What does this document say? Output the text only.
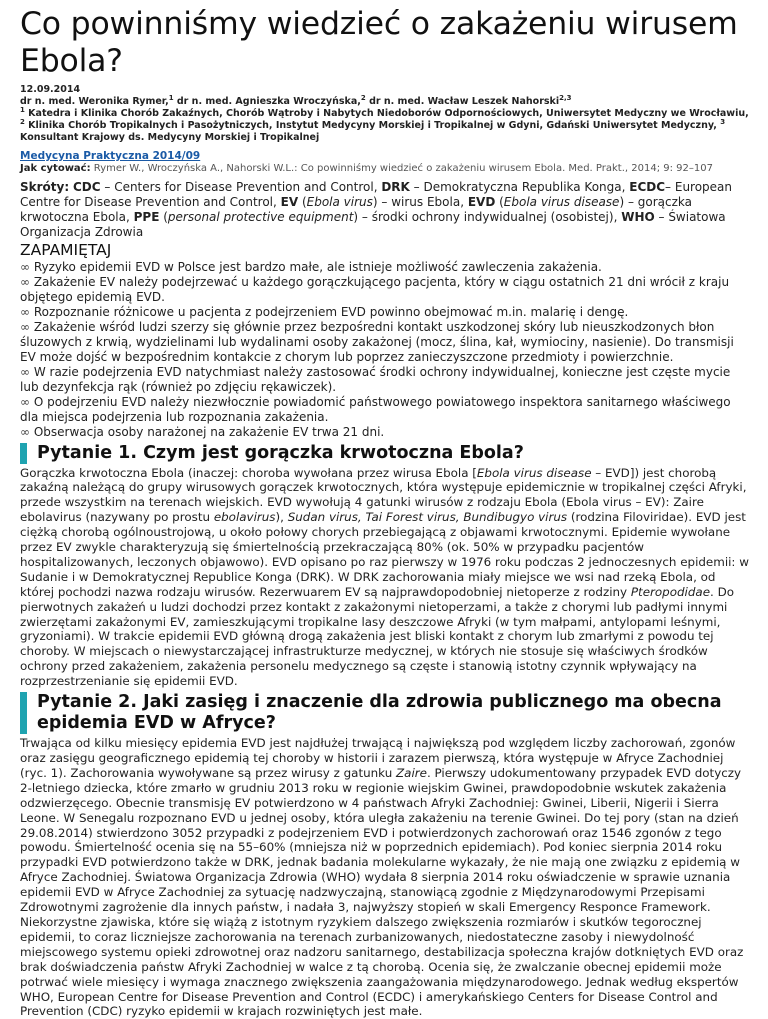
Co powinniśmy wiedzieć o zakażeniu wirusem Ebola?
12.09.2014
dr n. med. Weronika Rymer,$^1$ dr n. med. Agnieszka Wroczyńska,$^2$ dr n. med. Wacław Leszek Nahorski$^{2,3}$
$^1$ Katedra i Klinika Chorób Zakaźnych, Chorób Wątroby i Nabytych Niedoborów Odpornościowych, Uniwersytet Medyczny we Wrocławiu, $^2$ Klinika Chorób Tropikalnych i Pasożytniczych, Instytut Medycyny Morskiej i Tropikalnej w Gdyni, Gdański Uniwersytet Medyczny, $^3$ Konsultant Krajowy ds. Medycyny Morskiej i Tropikalnej
Medycyna Praktyczna 2014/09
Jak cytować: Rymer W., Wroczyńska A., Nahorski W.L.: Co powinniśmy wiedzieć o zakażeniu wirusem Ebola. Med. Prakt., 2014; 9: 92–107
Skróty: CDC – Centers for Disease Prevention and Control, DRK – Demokratyczna Republika Konga, ECDC– European Centre for Disease Prevention and Control, EV (Ebola virus) – wirus Ebola, EVD (Ebola virus disease) – gorączka krwotoczna Ebola, PPE (personal protective equipment) – środki ochrony indywidualnej (osobistej), WHO – Światowa Organizacja Zdrowia
ZAPAMIĘTAJ
∞ Ryzyko epidemii EVD w Polsce jest bardzo małe, ale istnieje możliwość zawleczenia zakażenia.
∞ Zakażenie EV należy podejrzewać u każdego gorączkującego pacjenta, który w ciągu ostatnich 21 dni wrócił z kraju objętego epidemią EVD.
∞ Rozpoznanie różnicowe u pacjenta z podejrzeniem EVD powinno obejmować m.in. malarię i dengę.
∞ Zakażenie wśród ludzi szerzy się głównie przez bezpośredni kontakt uszkodzonej skóry lub nieuszkodzonych błon śluzowych z krwią, wydzielinami lub wydalinami osoby zakażonej (mocz, ślina, kał, wymiociny, nasienie). Do transmisji EV może dojść w bezpośrednim kontakcie z chorym lub poprzez zanieczyszczone przedmioty i powierzchnie.
∞ W razie podejrzenia EVD natychmiast należy zastosować środki ochrony indywidualnej, konieczne jest częste mycie lub dezynfekcja rąk (również po zdjęciu rękawiczek).
∞ O podejrzeniu EVD należy niezwłocznie powiadomić państwowego powiatowego inspektora sanitarnego właściwego dla miejsca podejrzenia lub rozpoznania zakażenia.
∞ Obserwacja osoby narażonej na zakażenie EV trwa 21 dni.
Pytanie 1. Czym jest gorączka krwotoczna Ebola?

Gorączka krwotoczna Ebola (inaczej: choroba wywołana przez wirusa Ebola [Ebola virus disease – EVD]) jest chorobą zakaźną należącą do grupy wirusowych gorączek krwotocznych, która występuje epidemicznie w tropikalnej części Afryki, przede wszystkim na terenach wiejskich. EVD wywołują 4 gatunki wirusów z rodzaju Ebola (Ebola virus – EV): Zaire ebolavirus (nazywany po prostu ebolavirus), Sudan virus, Tai Forest virus, Bundibugyo virus (rodzina Filoviridae). EVD jest ciężką chorobą ogólnoustrojową, u około połowy chorych przebiegającą z objawami krwotocznymi. Epidemie wywołane przez EV zwykle charakteryzują się śmiertelnością przekraczającą 80% (ok. 50% w przypadku pacjentów hospitalizowanych, leczonych objawowo). EVD opisano po raz pierwszy w 1976 roku podczas 2 jednoczesnych epidemii: w Sudanie i w Demokratycznej Republice Konga (DRK). W DRK zachorowania miały miejsce we wsi nad rzeką Ebola, od której pochodzi nazwa rodzaju wirusów. Rezerwuarem EV są najprawdopodobniej nietoperze z rodziny Pteropodidae. Do pierwotnych zakażeń u ludzi dochodzi przez kontakt z zakażonymi nietoperzami, a także z chorymi lub padłymi innymi zwierzętami zakażonymi EV, zamieszkującymi tropikalne lasy deszczowe Afryki (w tym małpami, antylopami leśnymi, gryzoniami). W trakcie epidemii EVD główną drogą zakażenia jest bliski kontakt z chorym lub zmarłymi z powodu tej choroby. W miejscach o niewystarczającej infrastrukturze medycznej, w których nie stosuje się właściwych środków ochrony przed zakażeniem, zakażenia personelu medycznego są częste i stanowią istotny czynnik wpływający na rozprzestrzenianie się epidemii EVD.

Pytanie 2. Jaki zasięg i znaczenie dla zdrowia publicznego ma obecna epidemia EVD w Afryce?

Trwająca od kilku miesięcy epidemia EVD jest najdłużej trwającą i największą pod względem liczby zachorowań, zgonów oraz zasięgu geograficznego epidemią tej choroby w historii i zarazem pierwszą, która występuje w Afryce Zachodniej (ryc. 1). Zachorowania wywoływane są przez wirusy z gatunku Zaire. Pierwszy udokumentowany przypadek EVD dotyczy 2-letniego dziecka, które zmarło w grudniu 2013 roku w regionie wiejskim Gwinei, prawdopodobnie wskutek zakażenia odzwierzęcego. Obecnie transmisję EV potwierdzono w 4 państwach Afryki Zachodniej: Gwinei, Liberii, Nigerii i Sierra Leone. W Senegalu rozpoznano EVD u jednej osoby, która uległa zakażeniu na terenie Gwinei. Do tej pory (stan na dzień 29.08.2014) stwierdzono 3052 przypadki z podejrzeniem EVD i potwierdzonych zachorowań oraz 1546 zgonów z tego powodu. Śmiertelność ocenia się na 55–60% (mniejsza niż w poprzednich epidemiach). Pod koniec sierpnia 2014 roku przypadki EVD potwierdzono także w DRK, jednak badania molekularne wykazały, że nie mają one związku z epidemią w Afryce Zachodniej. Światowa Organizacja Zdrowia (WHO) wydała 8 sierpnia 2014 roku oświadczenie w sprawie uznania epidemii EVD w Afryce Zachodniej za sytuację nadzwyczajną, stanowiącą zgodnie z Międzynarodowymi Przepisami Zdrowotnymi zagrożenie dla innych państw, i nadała 3, najwyższy stopień w skali Emergency Responce Framework. Niekorzystne zjawiska, które się wiążą z istotnym ryzykiem dalszego zwiększenia rozmiarów i skutków tegorocznej epidemii, to coraz liczniejsze zachorowania na terenach zurbanizowanych, niedostateczne zasoby i niewydolność miejscowego systemu opieki zdrowotnej oraz nadzoru sanitarnego, destabilizacja społeczna krajów dotkniętych EVD oraz brak doświadczenia państw Afryki Zachodniej w walce z tą chorobą. Ocenia się, że zwalczanie obecnej epidemii może potrwać wiele miesięcy i wymaga znacznego zwiększenia zaangażowania międzynarodowego. Jednak według ekspertów WHO, European Centre for Disease Prevention and Control (ECDC) i amerykańskiego Centers for Disease Control and Prevention (CDC) ryzyko epidemii w krajach rozwiniętych jest małe.
